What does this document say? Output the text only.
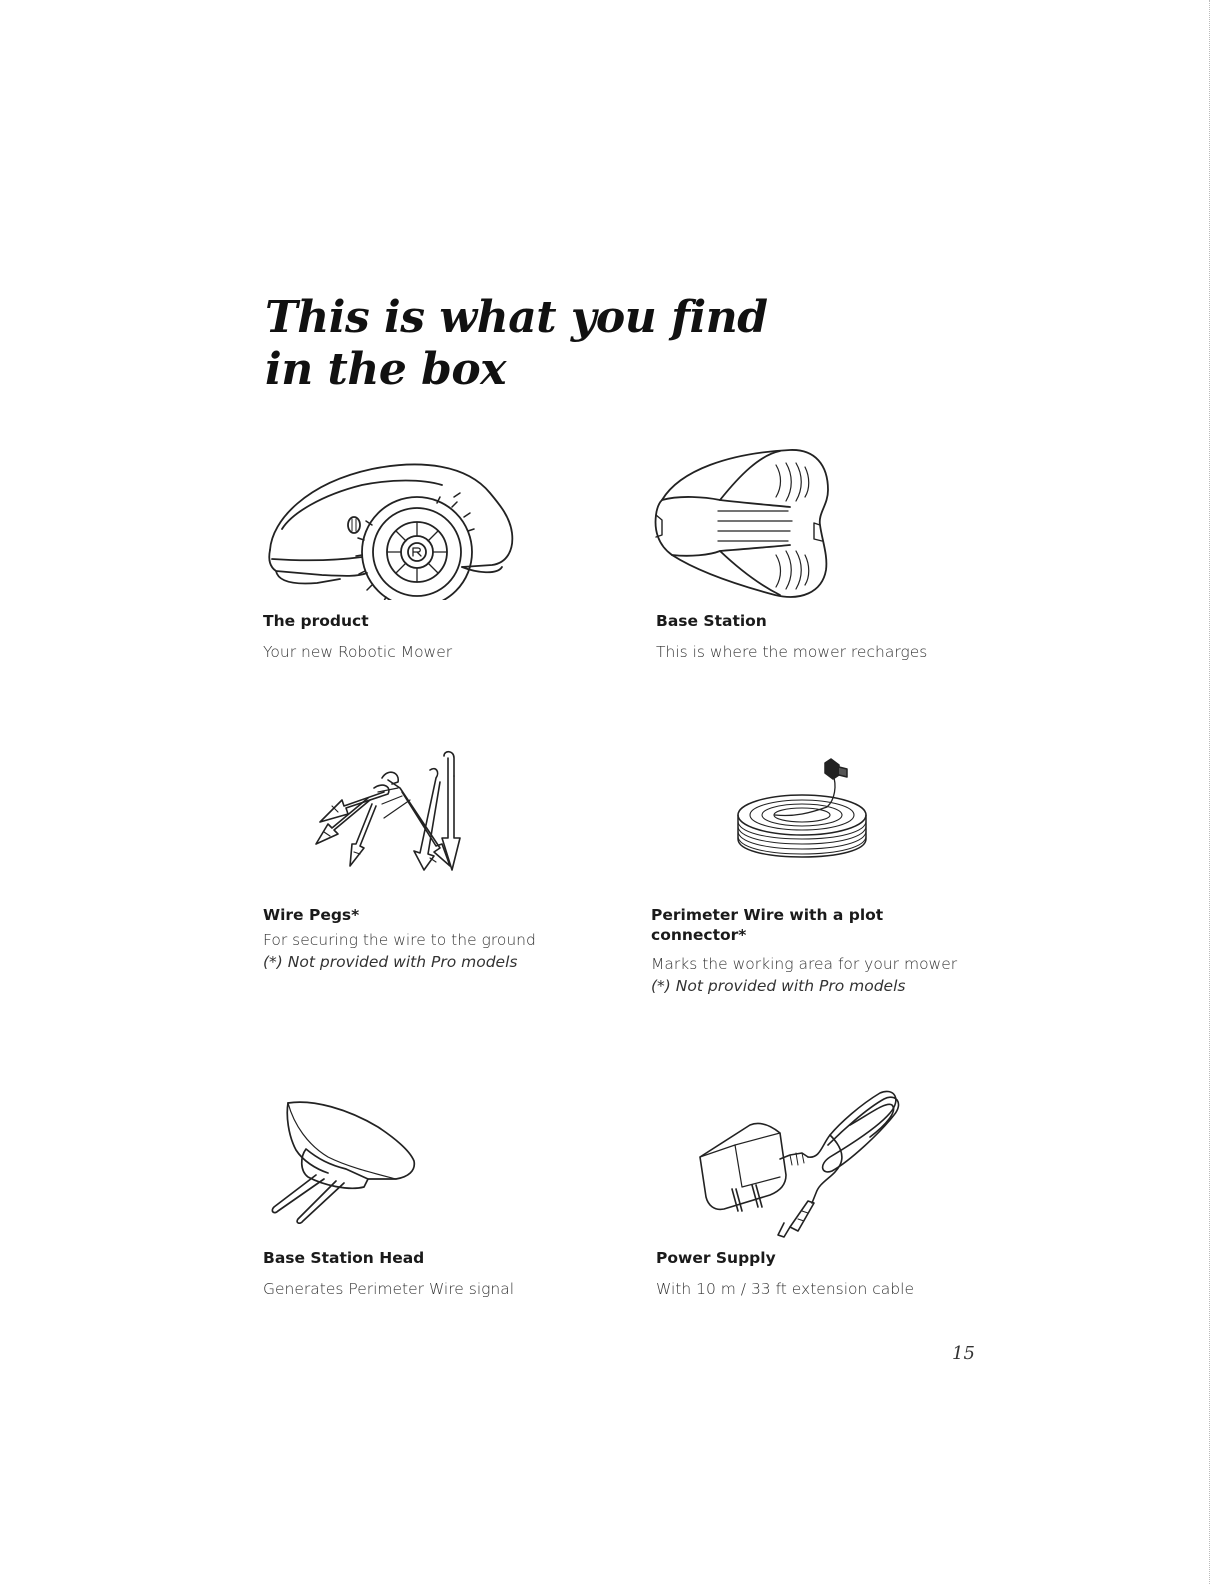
This is what you find
in the box

The product

Your new Robotic Mower

Base Station

This is where the mower recharges

Wire Pegs*

For securing the wire to the ground

(*) Not provided with Pro models

Perimeter Wire with a plot

connector*

Marks the working area for your mower

(*) Not provided with Pro models

Base Station Head

Generates Perimeter Wire signal

Power Supply

With 10 m / 33 ft extension cable

15
